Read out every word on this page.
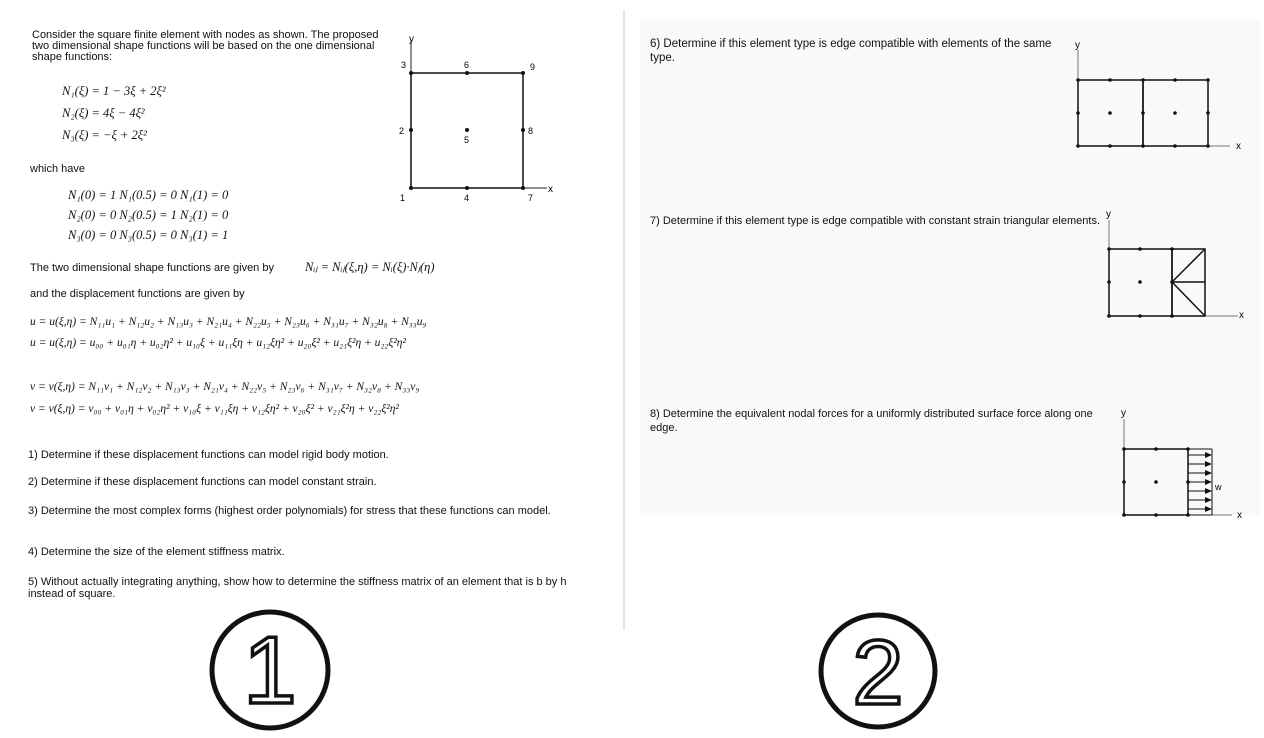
Consider the square finite element with nodes as shown. The proposed two dimensional shape functions will be based on the one dimensional shape functions:
N₁(ξ) = 1 − 3ξ + 2ξ²
N₂(ξ) = 4ξ − 4ξ²
N₃(ξ) = −ξ + 2ξ²
which have
N₁(0) = 1 N₁(0.5) = 0 N₁(1) = 0
N₂(0) = 0 N₂(0.5) = 1 N₂(1) = 0
N₃(0) = 0 N₃(0.5) = 0 N₃(1) = 1
The two dimensional shape functions are given by Nᵢⱼ = Nᵢⱼ(ξ,η) = Nᵢ(ξ)·Nⱼ(η)
and the displacement functions are given by
u = u(ξ,η) = N₁₁u₁ + N₁₂u₂ + N₁₃u₃ + N₂₁u₄ + N₂₂u₅ + N₂₃u₆ + N₃₁u₇ + N₃₂u₈ + N₃₃u₉
u = u(ξ,η) = u₀₀ + u₀₁η + u₀₂η² + u₁₀ξ + u₁₁ξη + u₁₂ξη² + u₂₀ξ² + u₂₁ξ²η + u₂₂ξ²η²
v = v(ξ,η) = N₁₁v₁ + N₁₂v₂ + N₁₃v₃ + N₂₁v₄ + N₂₂v₅ + N₂₃v₆ + N₃₁v₇ + N₃₂v₈ + N₃₃v₉
v = v(ξ,η) = v₀₀ + v₀₁η + v₀₂η² + v₁₀ξ + v₁₁ξη + v₁₂ξη² + v₂₀ξ² + v₂₁ξ²η + v₂₂ξ²η²
1) Determine if these displacement functions can model rigid body motion.
2) Determine if these displacement functions can model constant strain.
3) Determine the most complex forms (highest order polynomials) for stress that these functions can model.
4) Determine the size of the element stiffness matrix.
5) Without actually integrating anything, show how to determine the stiffness matrix of an element that is b by h instead of square.
y
x
1
2
3
4
5
6
7
8
9
1
6) Determine if this element type is edge compatible with elements of the same type.
7) Determine if this element type is edge compatible with constant strain triangular elements.
8) Determine the equivalent nodal forces for a uniformly distributed surface force along one edge.
y
x
y
x
y
x
w
2
